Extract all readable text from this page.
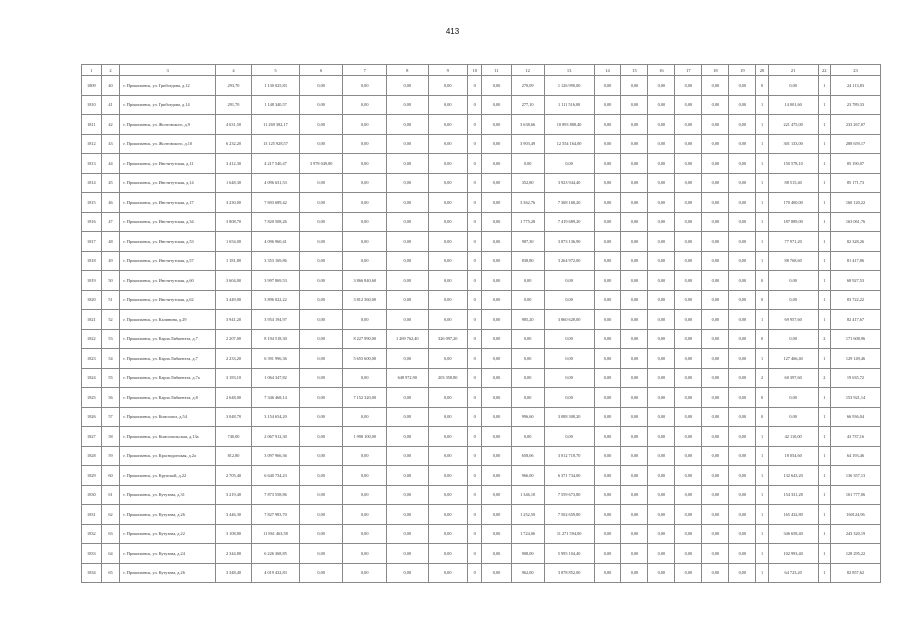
413
1	2	3	4	5	6	7	8	9	10	11	12	13	14	15	16	17	18	19	20	21	22	23
1809	40	г. Прокопьевск, ул. Грибоедова, д.12	293,70	1 130 025,83	0,00	0,00	0,00	0,00	0	0,00	270,09	1 126 990,00	0,00	0,00	0,00	0,00	0,00	0,00	0	0,00	1	24 113,83
1810	41	г. Прокопьевск, ул. Грибоедова, д.14	291,70	1 148 340,57	0,00	0,00	0,00	0,00	0	0,00	277,10	1 111 516,00	0,00	0,00	0,00	0,00	0,00	0,00	1	14 001,60	1	23 789,33
1811	42	г. Прокопьевск, ул. Жолтовского, д.9	4 631,50	11 269 382,17	0,00	0,00	0,00	0,00	0	0,00	3 638,66	10 893 888,40	0,00	0,00	0,00	0,00	0,00	0,00	1	221 475,00	1	233 267,07
1812	43	г. Прокопьевск, ул. Жолтовского, д.10	6 232,20	13 125 928,57	0,00	0,00	0,00	0,00	0	0,00	3 903,49	12 554 164,00	0,00	0,00	0,00	0,00	0,00	0,00	1	301 133,00	1	288 659,17
1813	44	г. Прокопьевск, ул. Институтская, д.11	3 412,30	4 217 540,47	3 978 049,80	0,00	0,00	0,00	0	0,00	0,00	0,00	0,00	0,00	0,00	0,00	0,00	0,00	1	150 578,10	1	85 190,07
1814	45	г. Прокопьевск, ул. Институтская, д.14	1 648,30	4 096 631,53	0,00	0,00	0,00	0,00	0	0,00	352,80	3 923 944,40	0,00	0,00	0,00	0,00	0,00	0,00	1	88 515,40	1	85 171,73
1815	46	г. Прокопьевск, ул. Институтская, д.17	3 230,00	7 693 689,42	0,00	0,00	0,00	0,00	0	0,00	3 362,76	7 368 168,20	0,00	0,00	0,00	0,00	0,00	0,00	1	170 400,00	1	160 120,22
1816	47	г. Прокопьевск, ул. Институтская, д.34	3 808,70	7 820 508,26	0,00	0,00	0,00	0,00	0	0,00	1 775,28	7 419 689,20	0,00	0,00	0,00	0,00	0,00	0,00	1	187 889,00	1	163 061,76
1817	48	г. Прокопьевск, ул. Институтская, д.53	1 654,00	4 096 960,41	0,00	0,00	0,00	0,00	0	0,00	987,30	3 873 136,90	0,00	0,00	0,00	0,00	0,00	0,00	1	77 971,20	1	82 328,26
1818	49	г. Прокопьевск, ул. Институтская, д.57	1 181,80	3 353 169,86	0,00	0,00	0,00	0,00	0	0,00	838,80	3 264 972,00	0,00	0,00	0,00	0,00	0,00	0,00	1	88 768,60	1	81 417,86
1819	50	г. Прокопьевск, ул. Институтская, д.60	3 604,00	3 997 869,53	0,00	3 866 840,60	0,00	0,00	0	0,00	0,00	0,00	0,00	0,00	0,00	0,00	0,00	0,00	0	0,00	1	68 927,53
1820	51	г. Прокопьевск, ул. Институтская, д.62	3 449,00	3 896 022,22	0,00	3 812 360,00	0,00	0,00	0	0,00	0,00	0,00	0,00	0,00	0,00	0,00	0,00	0,00	0	0,00	1	83 722,22
1821	52	г. Прокопьевск, ул. Калинина, д.29	3 941,20	3 954 194,97	0,00	0,00	0,00	0,00	0	0,00	985,20	3 860 628,00	0,00	0,00	0,00	0,00	0,00	0,00	1	69 957,60	1	82 417,67
1822	53	г. Прокопьевск, ул. Карла Либкнехта, д.7	2 207,00	8 194 518,30	0,00	8 227 990,00	1 269 762,40	326 097,20	0	0,00	0,00	0,00	0,00	0,00	0,00	0,00	0,00	0,00	0	0,00	2	171 608,96
1823	54	г. Прокопьевск, ул. Карла Либкнехта, д.7	2 233,20	6 391 996,36	0,00	5 655 600,00	0,00	0,00	0	0,00	0,00	0,00	0,00	0,00	0,00	0,00	0,00	0,00	1	127 466,40	1	129 149,46
1824	55	г. Прокопьевск, ул. Карла Либкнехта, д.7а	3 183,10	1 064 347,82	0,00	0,00	648 972,90	203 358,80	0	0,00	0,00	0,00	0,00	0,00	0,00	0,00	0,00	0,00	2	60 397,60	2	19 635,72
1825	56	г. Прокопьевск, ул. Карла Либкнехта, д.8	2 648,00	7 346 468,14	0,00	7 152 320,00	0,00	0,00	0	0,00	0,00	0,00	0,00	0,00	0,00	0,00	0,00	0,00	0	0,00	1	153 921,14
1826	57	г. Прокопьевск, ул. Комсомол, д.54	3 048,70	3 154 654,20	0,00	0,00	0,00	0,00	0	0,00	996,60	3 088 308,20	0,00	0,00	0,00	0,00	0,00	0,00	0	0,00	1	66 936,04
1827	58	г. Прокопьевск, ул. Комсомольская, д.13а	740,00	2 067 912,30	0,00	1 998 100,00	0,00	0,00	0	0,00	0,00	0,00	0,00	0,00	0,00	0,00	0,00	0,00	1	42 110,00	1	43 737,16
1828	59	г. Прокопьевск, ул. Краснодонская, д.2а	812,80	3 097 966,36	0,00	0,00	0,00	0,00	0	0,00	658,06	3 012 718,70	0,00	0,00	0,00	0,00	0,00	0,00	1	18 054,60	1	64 193,46
1829	60	г. Прокопьевск, ул. Крупской, д.22	2 705,40	6 640 734,23	0,00	0,00	0,00	0,00	0	0,00	966,00	6 371 734,00	0,00	0,00	0,00	0,00	0,00	0,00	1	132 643,20	1	136 357,13
1830	61	г. Прокопьевск, ул. Кутузова, д.31	3 219,40	7 873 558,86	0,00	0,00	0,00	0,00	0	0,00	1 346,10	7 559 673,80	0,00	0,00	0,00	0,00	0,00	0,00	1	154 331,28	1	161 777,06
1831	62	г. Прокопьевск, ул. Кутузова, д.26	3 446,30	7 827 983,70	0,00	0,00	0,00	0,00	0	0,00	1 252,50	7 502 659,80	0,00	0,00	0,00	0,00	0,00	0,00	1	165 432,80	1	160124,96
1832	63	г. Прокопьевск, ул. Кутузова, д.22	3 108,80	11 861 463,58	0,00	0,00	0,00	0,00	0	0,00	1 724,06	11 271 594,00	0,00	0,00	0,00	0,00	0,00	0,00	1	346 658,40	1	243 320,19
1833	64	г. Прокопьевск, ул. Кутузова, д.24	2 344,80	6 226 368,85	0,00	0,00	0,00	0,00	0	0,00	908,00	5 995 104,40	0,00	0,00	0,00	0,00	0,00	0,00	1	102 993,40	1	128 295,22
1834	65	г. Прокопьевск, ул. Кутузова, д.26	3 348,40	4 019 432,83	0,00	0,00	0,00	0,00	0	0,00	962,00	3 878 852,00	0,00	0,00	0,00	0,00	0,00	0,00	1	64 723,20	1	82 857,62
